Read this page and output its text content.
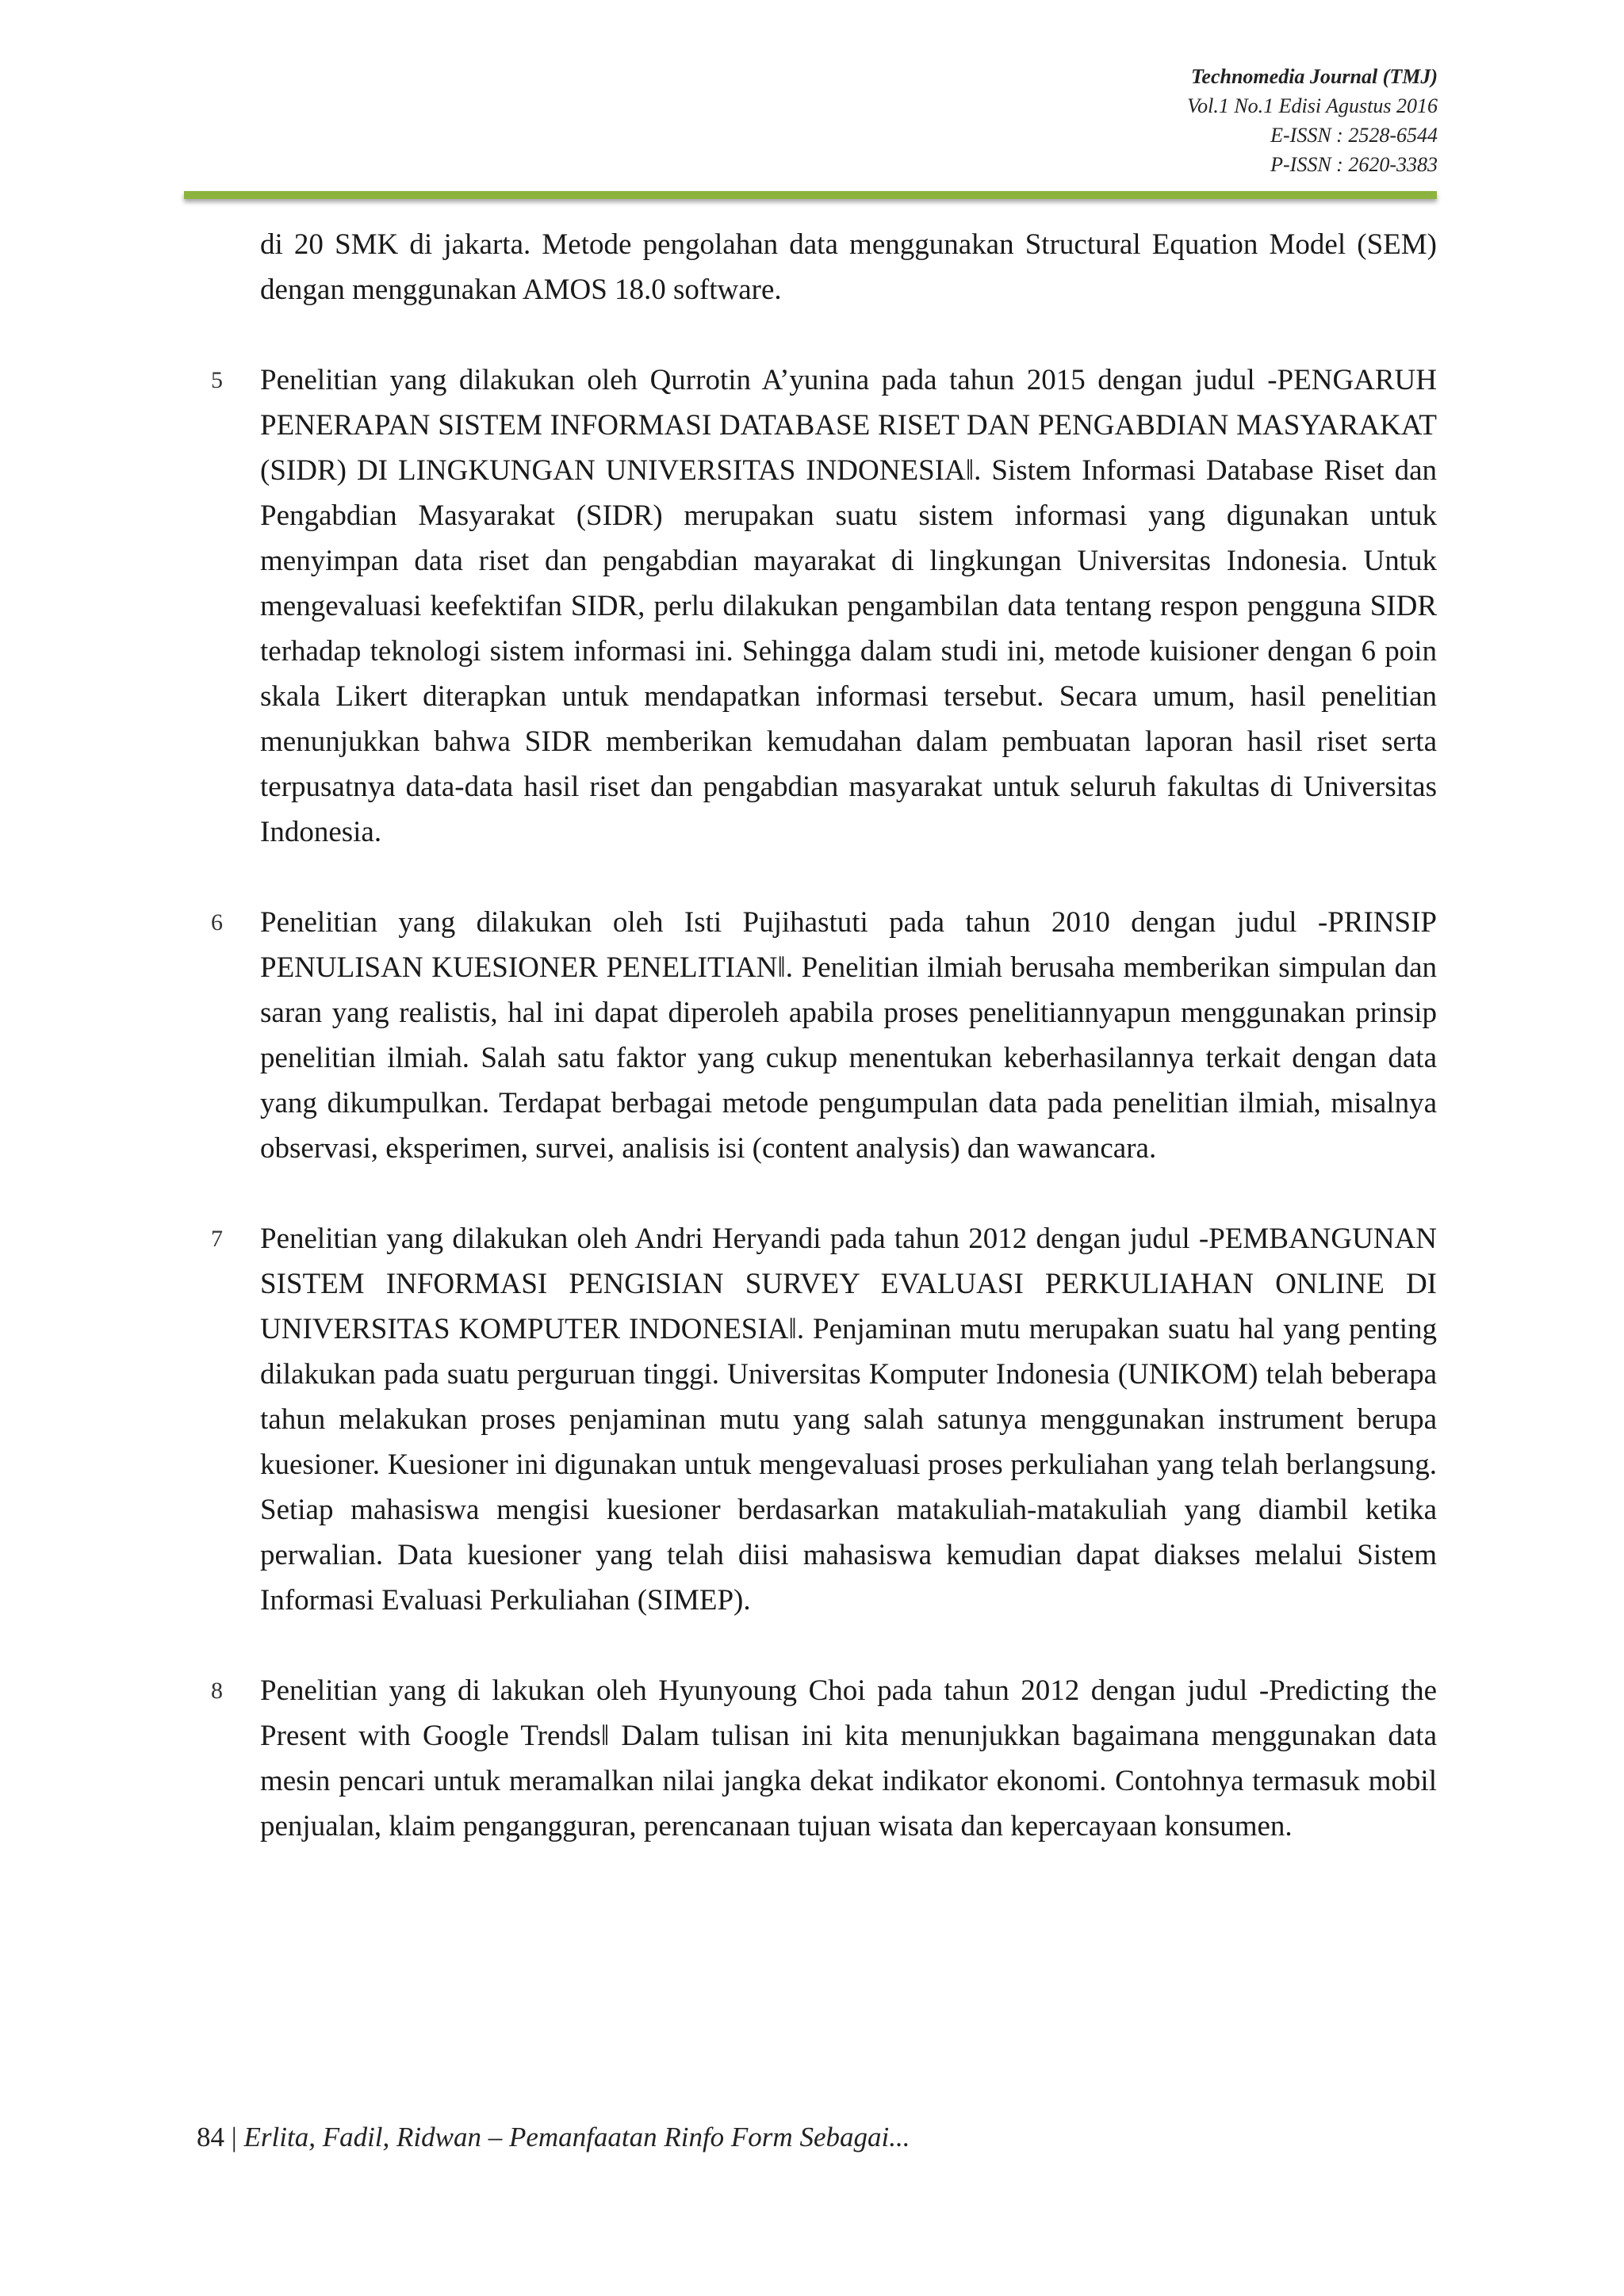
Technomedia Journal (TMJ)
Vol.1 No.1 Edisi Agustus 2016
E-ISSN : 2528-6544
P-ISSN : 2620-3383

di 20 SMK di jakarta. Metode pengolahan data menggunakan Structural Equation Model (SEM) dengan menggunakan AMOS 18.0 software.

5 Penelitian yang dilakukan oleh Qurrotin A’yunina pada tahun 2015 dengan judul -PENGARUH PENERAPAN SISTEM INFORMASI DATABASE RISET DAN PENGABDIAN MASYARAKAT (SIDR) DI LINGKUNGAN UNIVERSITAS INDONESIA‖. Sistem Informasi Database Riset dan Pengabdian Masyarakat (SIDR) merupakan suatu sistem informasi yang digunakan untuk menyimpan data riset dan pengabdian mayarakat di lingkungan Universitas Indonesia. Untuk mengevaluasi keefektifan SIDR, perlu dilakukan pengambilan data tentang respon pengguna SIDR terhadap teknologi sistem informasi ini. Sehingga dalam studi ini, metode kuisioner dengan 6 poin skala Likert diterapkan untuk mendapatkan informasi tersebut. Secara umum, hasil penelitian menunjukkan bahwa SIDR memberikan kemudahan dalam pembuatan laporan hasil riset serta terpusatnya data-data hasil riset dan pengabdian masyarakat untuk seluruh fakultas di Universitas Indonesia.

6 Penelitian yang dilakukan oleh Isti Pujihastuti pada tahun 2010 dengan judul -PRINSIP PENULISAN KUESIONER PENELITIAN‖. Penelitian ilmiah berusaha memberikan simpulan dan saran yang realistis, hal ini dapat diperoleh apabila proses penelitiannyapun menggunakan prinsip penelitian ilmiah. Salah satu faktor yang cukup menentukan keberhasilannya terkait dengan data yang dikumpulkan. Terdapat berbagai metode pengumpulan data pada penelitian ilmiah, misalnya observasi, eksperimen, survei, analisis isi (content analysis) dan wawancara.

7 Penelitian yang dilakukan oleh Andri Heryandi pada tahun 2012 dengan judul -PEMBANGUNAN SISTEM INFORMASI PENGISIAN SURVEY EVALUASI PERKULIAHAN ONLINE DI UNIVERSITAS KOMPUTER INDONESIA‖. Penjaminan mutu merupakan suatu hal yang penting dilakukan pada suatu perguruan tinggi. Universitas Komputer Indonesia (UNIKOM) telah beberapa tahun melakukan proses penjaminan mutu yang salah satunya menggunakan instrument berupa kuesioner. Kuesioner ini digunakan untuk mengevaluasi proses perkuliahan yang telah berlangsung. Setiap mahasiswa mengisi kuesioner berdasarkan matakuliah-matakuliah yang diambil ketika perwalian. Data kuesioner yang telah diisi mahasiswa kemudian dapat diakses melalui Sistem Informasi Evaluasi Perkuliahan (SIMEP).

8 Penelitian yang di lakukan oleh Hyunyoung Choi pada tahun 2012 dengan judul -Predicting the Present with Google Trends‖ Dalam tulisan ini kita menunjukkan bagaimana menggunakan data mesin pencari untuk meramalkan nilai jangka dekat indikator ekonomi. Contohnya termasuk mobil penjualan, klaim pengangguran, perencanaan tujuan wisata dan kepercayaan konsumen.

84 | Erlita, Fadil, Ridwan – Pemanfaatan Rinfo Form Sebagai...
